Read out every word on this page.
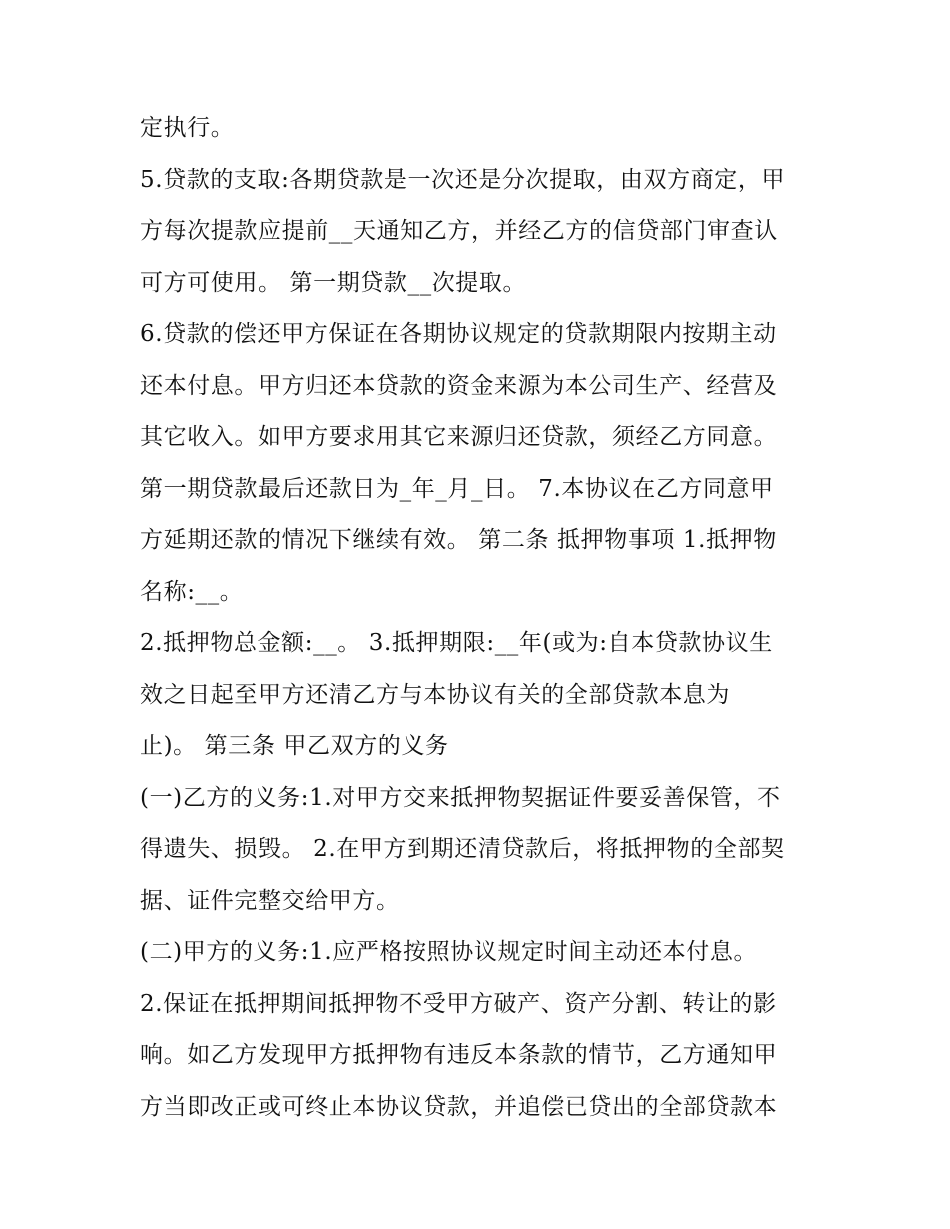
定执行。
5.贷款的支取:各期贷款是一次还是分次提取，由双方商定，甲
方每次提款应提前__天通知乙方，并经乙方的信贷部门审查认
可方可使用。 第一期贷款__次提取。
6.贷款的偿还甲方保证在各期协议规定的贷款期限内按期主动
还本付息。甲方归还本贷款的资金来源为本公司生产、经营及
其它收入。如甲方要求用其它来源归还贷款，须经乙方同意。
第一期贷款最后还款日为_年_月_日。 7.本协议在乙方同意甲
方延期还款的情况下继续有效。 第二条 抵押物事项 1.抵押物
名称:__。
2.抵押物总金额:__。 3.抵押期限:__年(或为:自本贷款协议生
效之日起至甲方还清乙方与本协议有关的全部贷款本息为
止)。 第三条 甲乙双方的义务
(一)乙方的义务:1.对甲方交来抵押物契据证件要妥善保管，不
得遗失、损毁。 2.在甲方到期还清贷款后，将抵押物的全部契
据、证件完整交给甲方。
(二)甲方的义务:1.应严格按照协议规定时间主动还本付息。
2.保证在抵押期间抵押物不受甲方破产、资产分割、转让的影
响。如乙方发现甲方抵押物有违反本条款的情节，乙方通知甲
方当即改正或可终止本协议贷款，并追偿已贷出的全部贷款本
